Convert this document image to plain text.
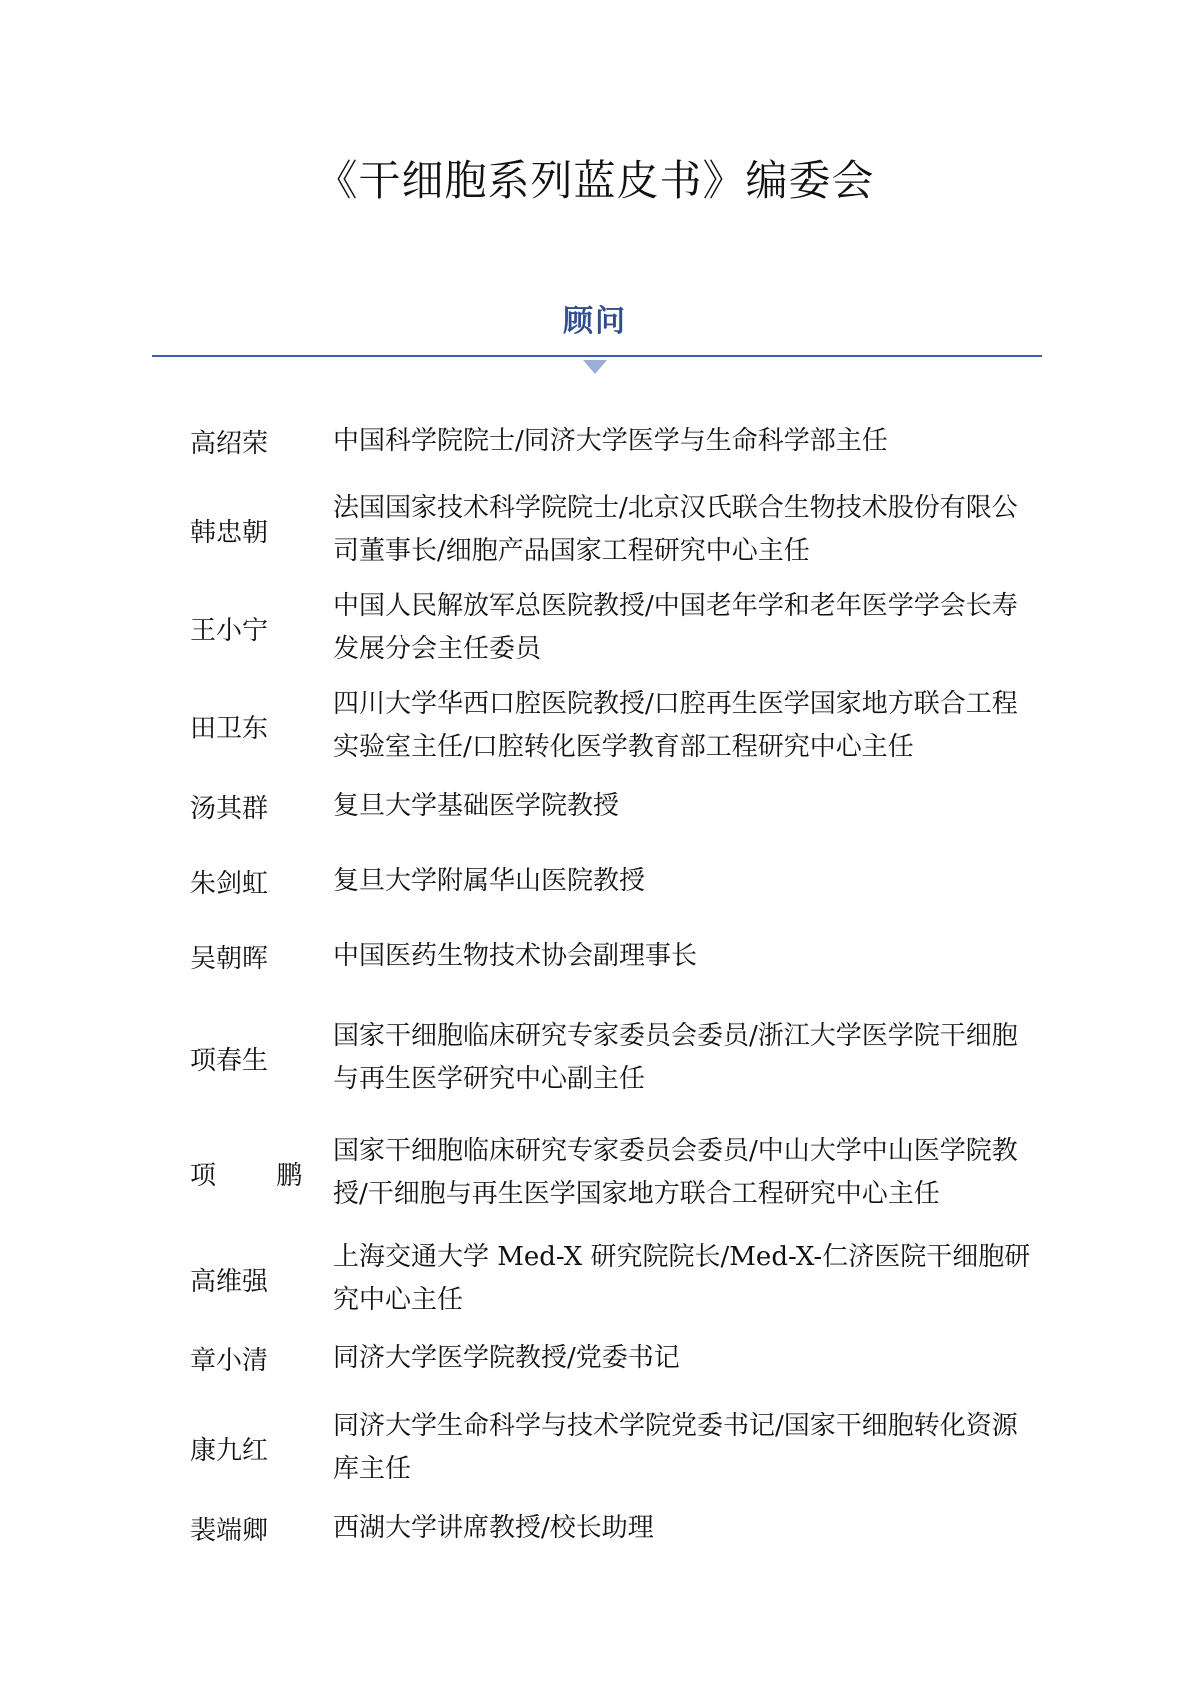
《干细胞系列蓝皮书》编委会
顾问
高绍荣 中国科学院院士/同济大学医学与生命科学部主任
韩忠朝
法国国家技术科学院院士/北京汉氏联合生物技术股份有限公司董事长/细胞产品国家工程研究中心主任
王小宁
中国人民解放军总医院教授/中国老年学和老年医学学会长寿发展分会主任委员
田卫东
四川大学华西口腔医院教授/口腔再生医学国家地方联合工程实验室主任/口腔转化医学教育部工程研究中心主任
汤其群 复旦大学基础医学院教授
朱剑虹 复旦大学附属华山医院教授
吴朝晖 中国医药生物技术协会副理事长
项春生
国家干细胞临床研究专家委员会委员/浙江大学医学院干细胞与再生医学研究中心副主任
项 鹏
国家干细胞临床研究专家委员会委员/中山大学中山医学院教授/干细胞与再生医学国家地方联合工程研究中心主任
高维强
上海交通大学 Med-X 研究院院长/Med-X-仁济医院干细胞研究中心主任
章小清 同济大学医学院教授/党委书记
康九红
同济大学生命科学与技术学院党委书记/国家干细胞转化资源库主任
裴端卿 西湖大学讲席教授/校长助理
